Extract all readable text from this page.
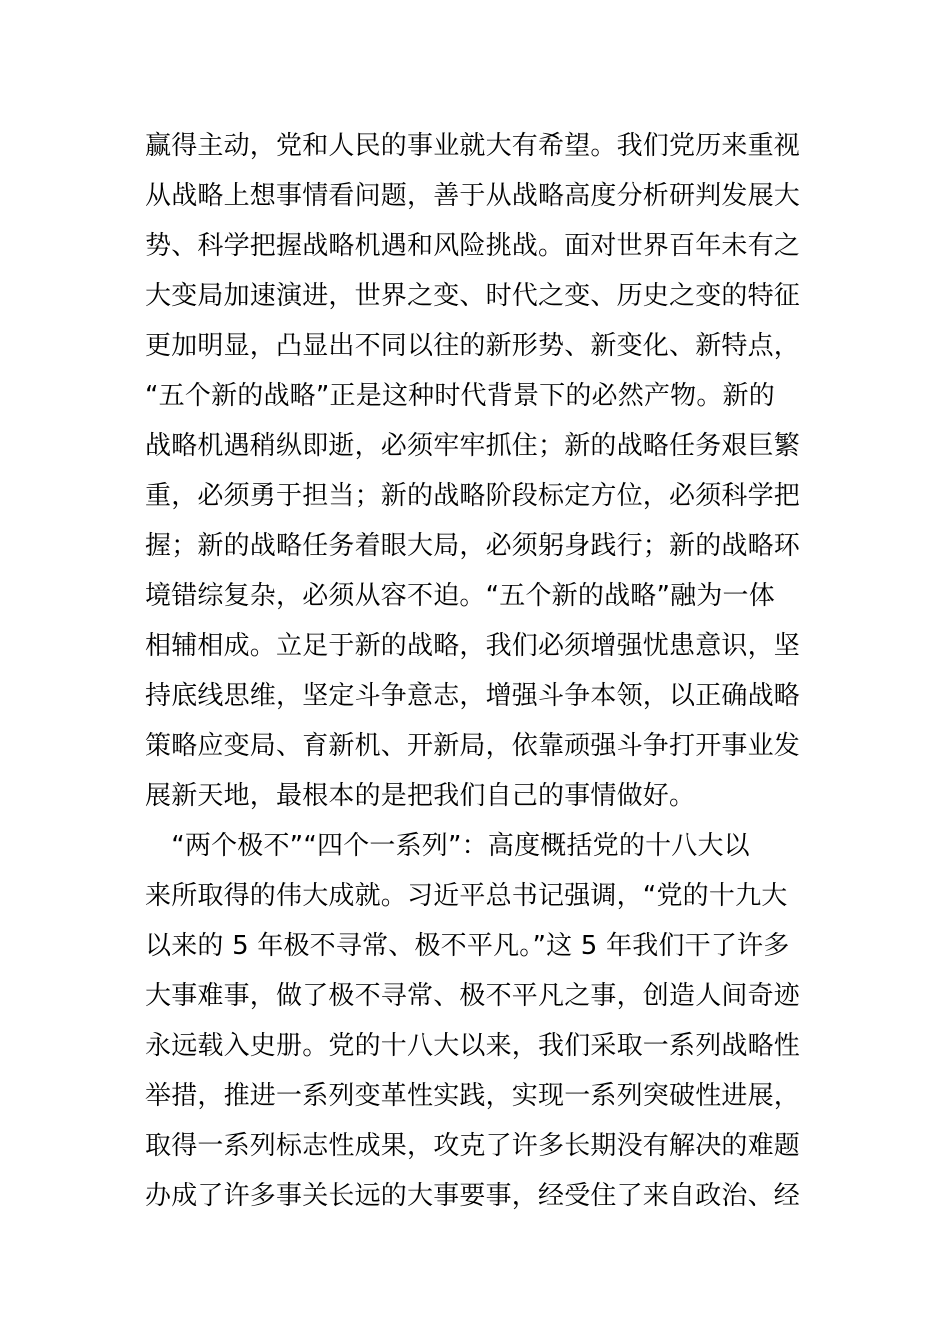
赢得主动，党和人民的事业就大有希望。我们党历来重视
从战略上想事情看问题，善于从战略高度分析研判发展大
势、科学把握战略机遇和风险挑战。面对世界百年未有之
大变局加速演进，世界之变、时代之变、历史之变的特征
更加明显，凸显出不同以往的新形势、新变化、新特点，
“五个新的战略”正是这种时代背景下的必然产物。新的
战略机遇稍纵即逝，必须牢牢抓住；新的战略任务艰巨繁
重，必须勇于担当；新的战略阶段标定方位，必须科学把
握；新的战略任务着眼大局，必须躬身践行；新的战略环
境错综复杂，必须从容不迫。“五个新的战略”融为一体
相辅相成。立足于新的战略，我们必须增强忧患意识，坚
持底线思维，坚定斗争意志，增强斗争本领，以正确战略
策略应变局、育新机、开新局，依靠顽强斗争打开事业发
展新天地，最根本的是把我们自己的事情做好。
　“两个极不”“四个一系列”：高度概括党的十八大以
来所取得的伟大成就。习近平总书记强调，“党的十九大
以来的 5 年极不寻常、极不平凡。”这 5 年我们干了许多
大事难事，做了极不寻常、极不平凡之事，创造人间奇迹
永远载入史册。党的十八大以来，我们采取一系列战略性
举措，推进一系列变革性实践，实现一系列突破性进展，
取得一系列标志性成果，攻克了许多长期没有解决的难题
办成了许多事关长远的大事要事，经受住了来自政治、经
